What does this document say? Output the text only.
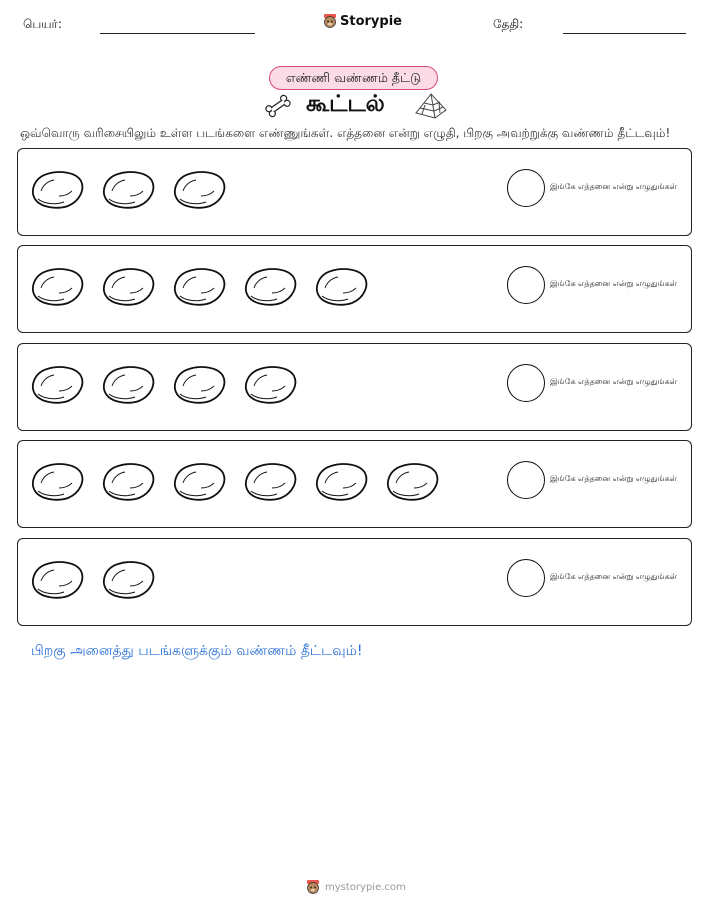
பெயர்:	Storypie	தேதி:
எண்ணி வண்ணம் தீட்டு
கூட்டல்
ஒவ்வொரு வரிசையிலும் உள்ள படங்களை எண்ணுங்கள். எத்தனை என்று எழுதி, பிறகு அவற்றுக்கு வண்ணம் தீட்டவும்!
இங்கே எத்தனை என்று எழுதுங்கள்
இங்கே எத்தனை என்று எழுதுங்கள்
இங்கே எத்தனை என்று எழுதுங்கள்
இங்கே எத்தனை என்று எழுதுங்கள்
இங்கே எத்தனை என்று எழுதுங்கள்
பிறகு அனைத்து படங்களுக்கும் வண்ணம் தீட்டவும்!
mystorypie.com
